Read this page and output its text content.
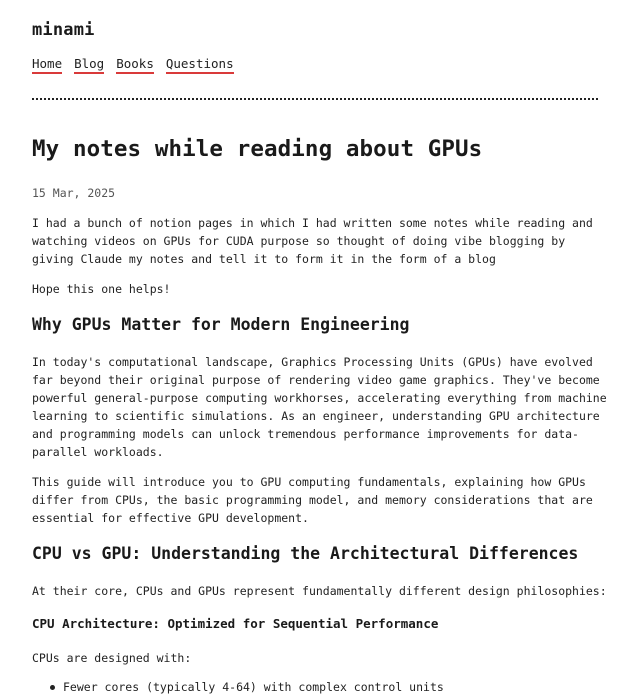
minami
Home Blog Books Questions
My notes while reading about GPUs
15 Mar, 2025

I had a bunch of notion pages in which I had written some notes while reading and
watching videos on GPUs for CUDA purpose so thought of doing vibe blogging by
giving Claude my notes and tell it to form it in the form of a blog

Hope this one helps!

Why GPUs Matter for Modern Engineering

In today's computational landscape, Graphics Processing Units (GPUs) have evolved
far beyond their original purpose of rendering video game graphics. They've become
powerful general-purpose computing workhorses, accelerating everything from machine
learning to scientific simulations. As an engineer, understanding GPU architecture
and programming models can unlock tremendous performance improvements for data-
parallel workloads.

This guide will introduce you to GPU computing fundamentals, explaining how GPUs
differ from CPUs, the basic programming model, and memory considerations that are
essential for effective GPU development.

CPU vs GPU: Understanding the Architectural Differences

At their core, CPUs and GPUs represent fundamentally different design philosophies:

CPU Architecture: Optimized for Sequential Performance

CPUs are designed with:

Fewer cores (typically 4-64) with complex control units
